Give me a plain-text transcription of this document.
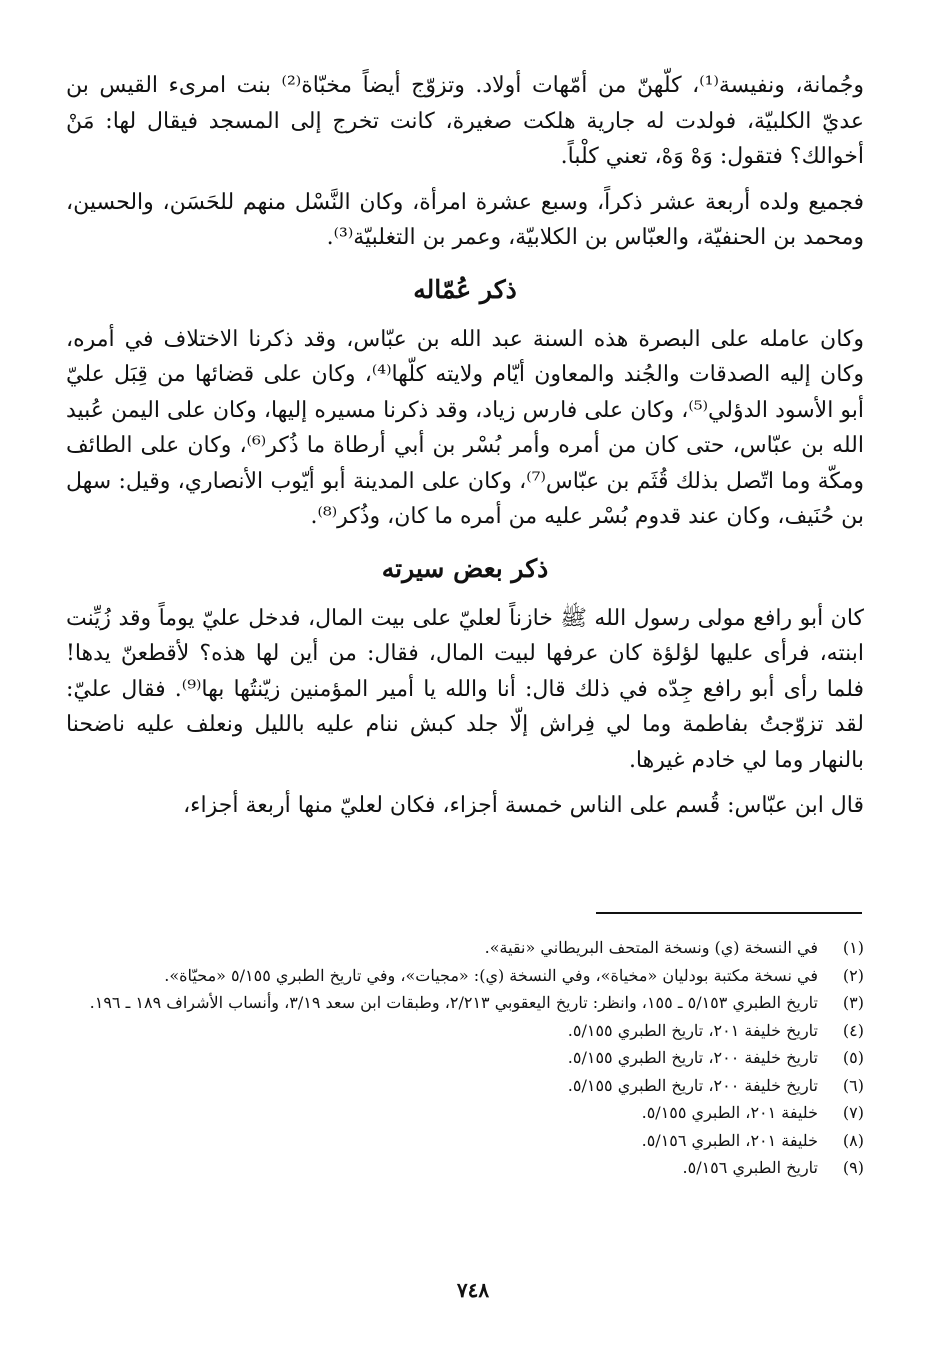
وجُمانة، ونفيسة⁽¹⁾، كلّهنّ من أمّهات أولاد. وتزوّج أيضاً مخبّاة⁽²⁾ بنت امرىء القيس بن عديّ الكلبيّة، فولدت له جارية هلكت صغيرة، كانت تخرج إلى المسجد فيقال لها: مَنْ أخوالك؟ فتقول: وَهْ وَهْ، تعني كلْباً.

فجميع ولده أربعة عشر ذكراً، وسبع عشرة امرأة، وكان النَّسْل منهم للحَسَن، والحسين، ومحمد بن الحنفيّة، والعبّاس بن الكلابيّة، وعمر بن التغلبيّة⁽³⁾.

ذكر عُمّاله

وكان عامله على البصرة هذه السنة عبد الله بن عبّاس، وقد ذكرنا الاختلاف في أمره، وكان إليه الصدقات والجُند والمعاون أيّام ولايته كلّها⁽⁴⁾، وكان على قضائها من قِبَل عليّ أبو الأسود الدؤلي⁽⁵⁾، وكان على فارس زياد، وقد ذكرنا مسيره إليها، وكان على اليمن عُبيد الله بن عبّاس، حتى كان من أمره وأمر بُسْر بن أبي أرطاة ما ذُكر⁽⁶⁾، وكان على الطائف ومكّة وما اتّصل بذلك قُثَم بن عبّاس⁽⁷⁾، وكان على المدينة أبو أيّوب الأنصاري، وقيل: سهل بن حُنَيف، وكان عند قدوم بُسْر عليه من أمره ما كان، وذُكر⁽⁸⁾.

ذكر بعض سيرته

كان أبو رافع مولى رسول الله ﷺ خازناً لعليّ على بيت المال، فدخل عليّ يوماً وقد زُيِّنت ابنته، فرأى عليها لؤلؤة كان عرفها لبيت المال، فقال: من أين لها هذه؟ لأقطعنّ يدها! فلما رأى أبو رافع جِدّه في ذلك قال: أنا والله يا أمير المؤمنين زيّنتُها بها⁽⁹⁾. فقال عليّ: لقد تزوّجتُ بفاطمة وما لي فِراش إلّا جلد كبش ننام عليه بالليل ونعلف عليه ناضحنا بالنهار وما لي خادم غيرها.

قال ابن عبّاس: قُسم على الناس خمسة أجزاء، فكان لعليّ منها أربعة أجزاء،

(١)
في النسخة (ي) ونسخة المتحف البريطاني «نقية».
(٢)
في نسخة مكتبة بودليان «مخياة»، وفي النسخة (ي): «مجيات»، وفي تاريخ الطبري ٥/١٥٥ «محيّاة».
(٣)
تاريخ الطبري ٥/١٥٣ ـ ١٥٥، وانظر: تاريخ اليعقوبي ٢/٢١٣، وطبقات ابن سعد ٣/١٩، وأنساب الأشراف ١٨٩ ـ ١٩٦.
(٤)
تاريخ خليفة ٢٠١، تاريخ الطبري ٥/١٥٥.
(٥)
تاريخ خليفة ٢٠٠، تاريخ الطبري ٥/١٥٥.
(٦)
تاريخ خليفة ٢٠٠، تاريخ الطبري ٥/١٥٥.
(٧)
خليفة ٢٠١، الطبري ٥/١٥٥.
(٨)
خليفة ٢٠١، الطبري ٥/١٥٦.
(٩)
تاريخ الطبري ٥/١٥٦.
٧٤٨
